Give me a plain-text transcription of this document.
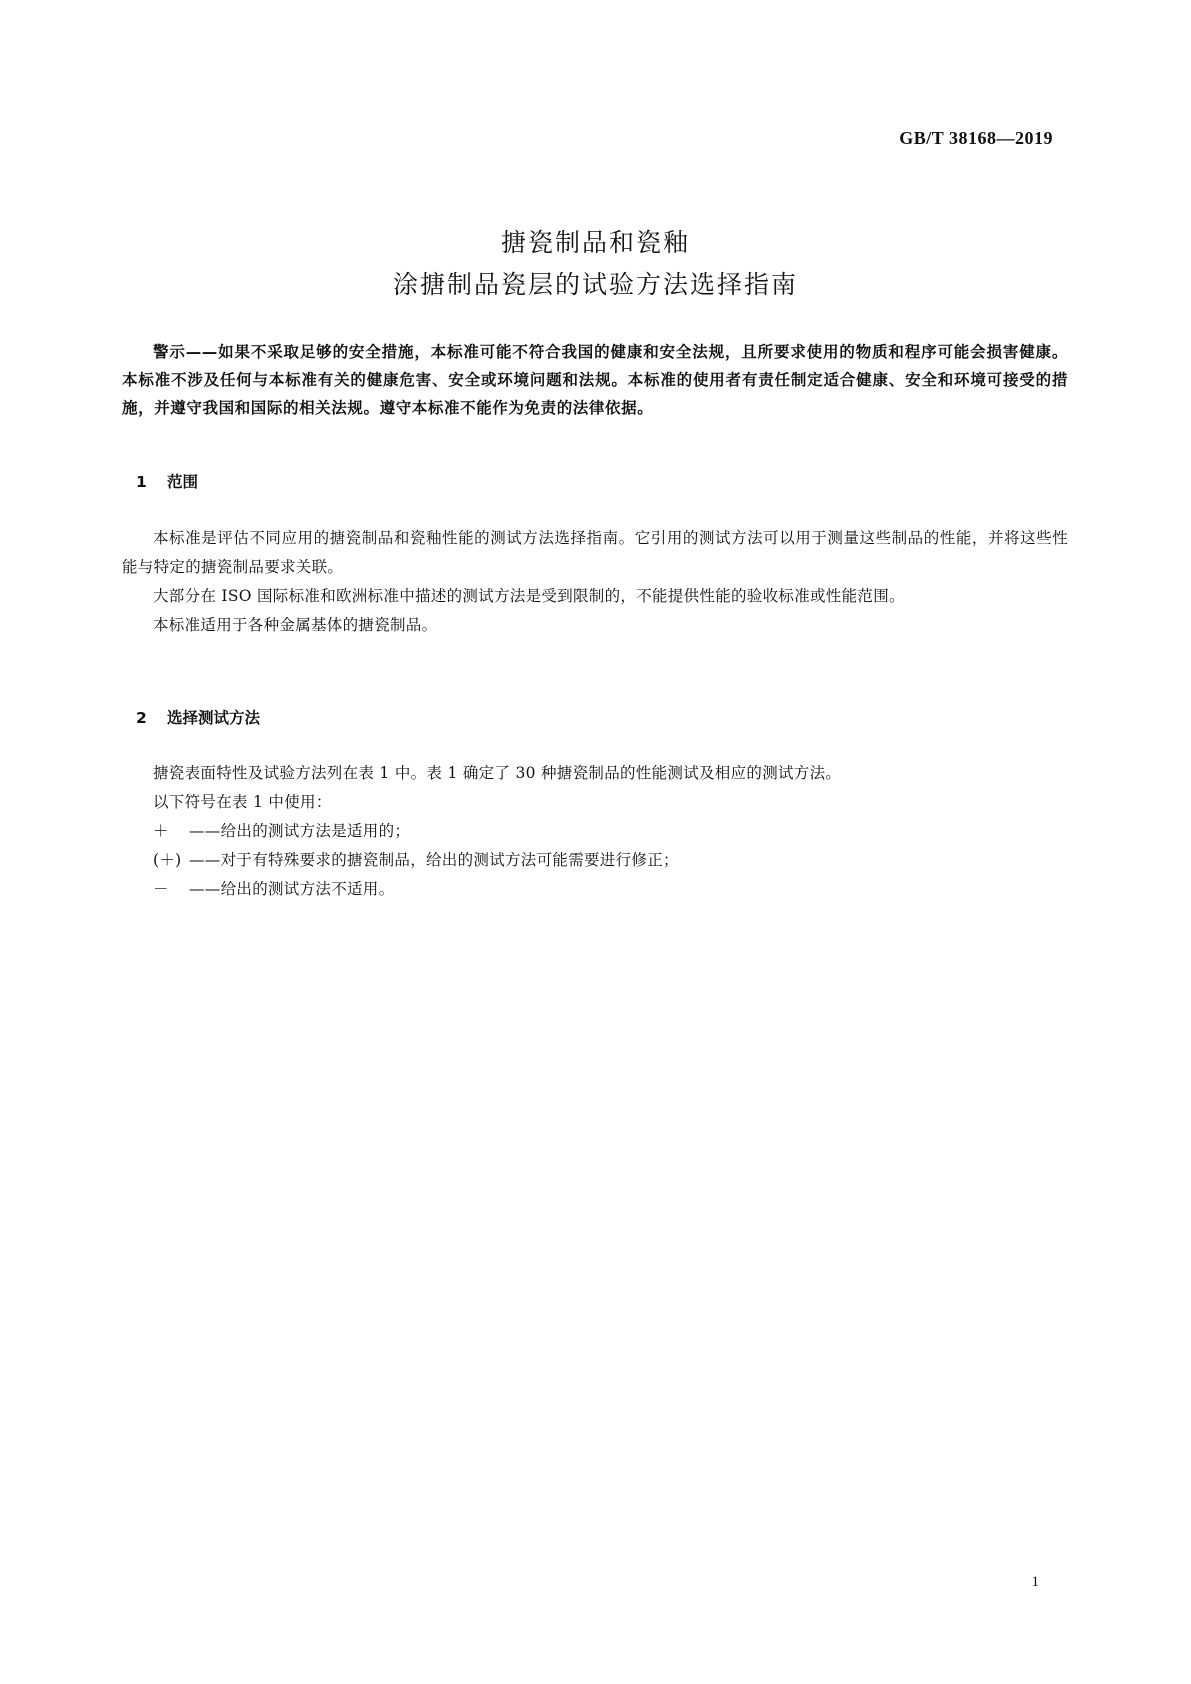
GB/T 38168—2019
搪瓷制品和瓷釉
涂搪制品瓷层的试验方法选择指南
警示——如果不采取足够的安全措施，本标准可能不符合我国的健康和安全法规，且所要求使用的物质和程序可能会损害健康。本标准不涉及任何与本标准有关的健康危害、安全或环境问题和法规。本标准的使用者有责任制定适合健康、安全和环境可接受的措施，并遵守我国和国际的相关法规。遵守本标准不能作为免责的法律依据。
1 范围

本标准是评估不同应用的搪瓷制品和瓷釉性能的测试方法选择指南。它引用的测试方法可以用于测量这些制品的性能，并将这些性能与特定的搪瓷制品要求关联。

大部分在 ISO 国际标准和欧洲标准中描述的测试方法是受到限制的，不能提供性能的验收标准或性能范围。

本标准适用于各种金属基体的搪瓷制品。

2 选择测试方法

搪瓷表面特性及试验方法列在表 1 中。表 1 确定了 30 种搪瓷制品的性能测试及相应的测试方法。

以下符号在表 1 中使用：

＋ ——给出的测试方法是适用的；
(＋) ——对于有特殊要求的搪瓷制品，给出的测试方法可能需要进行修正；
－ ——给出的测试方法不适用。
1
